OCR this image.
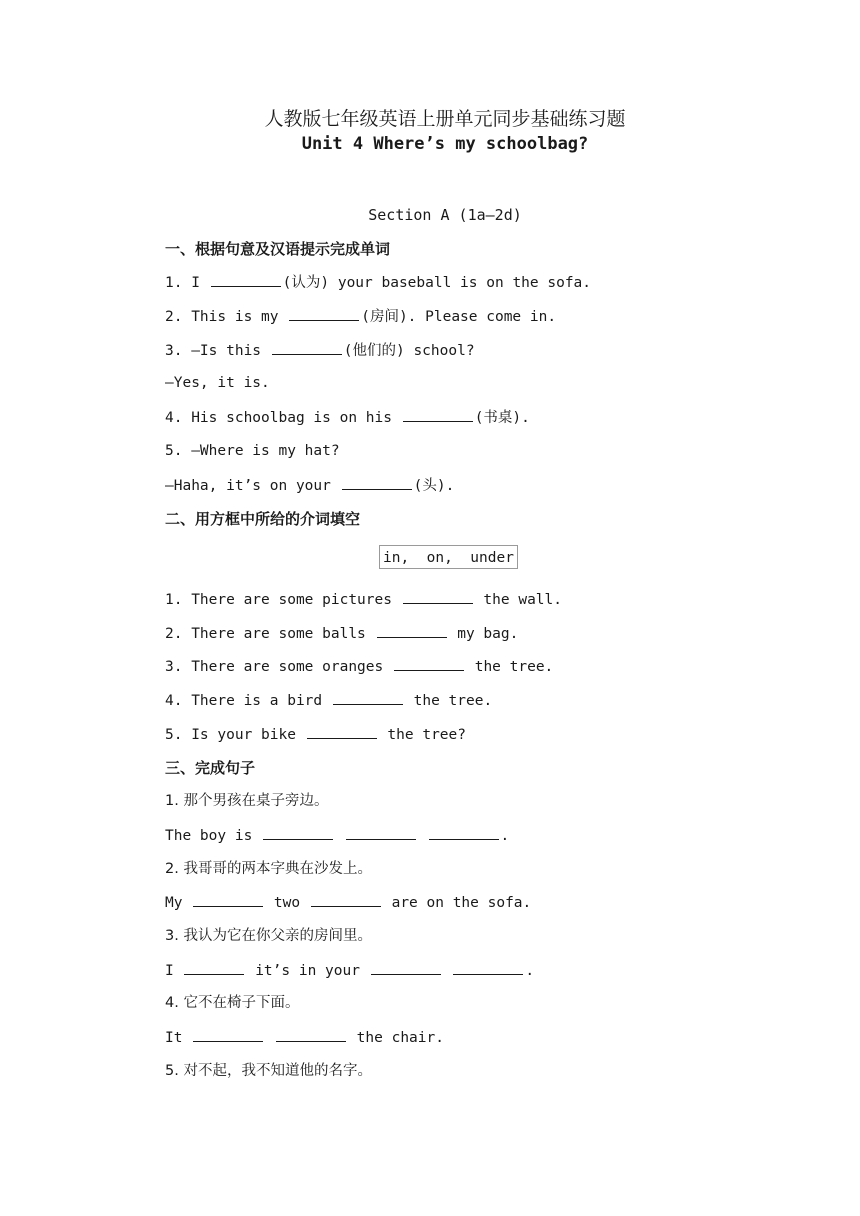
人教版七年级英语上册单元同步基础练习题
Unit 4 Where’s my schoolbag?
Section A (1a—2d)
一、根据句意及汉语提示完成单词
1. I	(认为) your baseball is on the sofa.
2. This is my	(房间). Please come in.
3. —Is this	(他们的) school?
—Yes, it is.
4. His schoolbag is on his	(书桌).
5. —Where is my hat?
—Haha, it’s on your	(头).
二、用方框中所给的介词填空
in,  on,  under
1. There are some pictures	the wall.
2. There are some balls	my bag.
3. There are some oranges	the tree.
4. There is a bird	the tree.
5. Is your bike	the tree?
三、完成句子
1. 那个男孩在桌子旁边。
The boy is	.
2. 我哥哥的两本字典在沙发上。
My	two	are on the sofa.
3. 我认为它在你父亲的房间里。
I	it’s in your	.
4. 它不在椅子下面。
It	the chair.
5. 对不起，我不知道他的名字。
